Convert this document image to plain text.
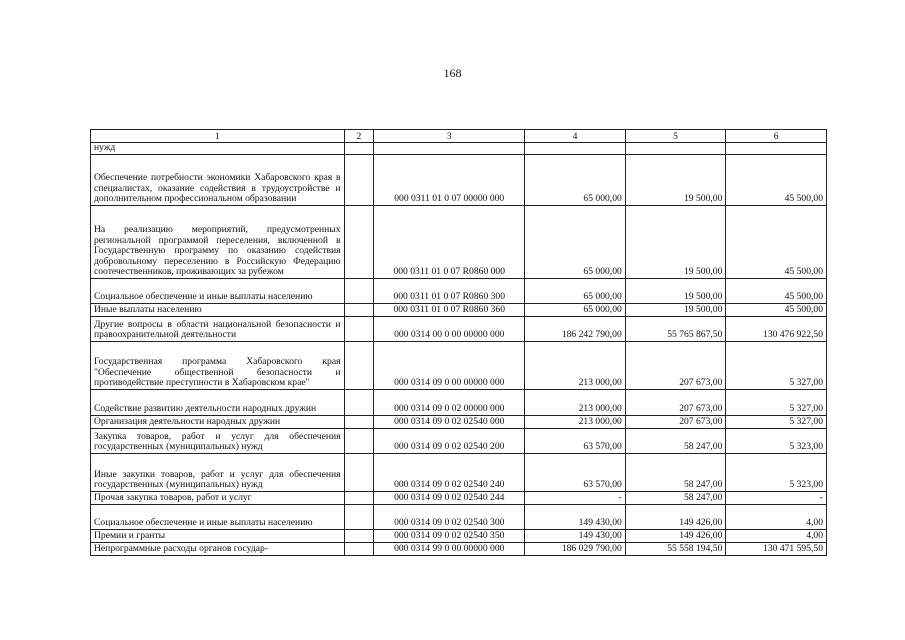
168
1	2	3	4	5	6
нужд					
Обеспечение потребности экономики Хабаровского края в специалистах, оказание содействия в трудоустройстве и дополнительном профессиональном образовании		000 0311 01 0 07 00000 000	65 000,00	19 500,00	45 500,00
На реализацию мероприятий, предусмотренных региональной программой переселения, включенной в Государственную программу по оказанию содействия добровольному переселению в Российскую Федерацию соотечественников, проживающих за рубежом		000 0311 01 0 07 R0860 000	65 000,00	19 500,00	45 500,00
Социальное обеспечение и иные выплаты населению		000 0311 01 0 07 R0860 300	65 000,00	19 500,00	45 500,00
Иные выплаты населению		000 0311 01 0 07 R0860 360	65 000,00	19 500,00	45 500,00
Другие вопросы в области национальной безопасности и правоохранительной деятельности		000 0314 00 0 00 00000 000	186 242 790,00	55 765 867,50	130 476 922,50
Государственная программа Хабаровского края "Обеспечение общественной безопасности и противодействие преступности в Хабаровском крае"		000 0314 09 0 00 00000 000	213 000,00	207 673,00	5 327,00
Содействие развитию деятельности народных дружин		000 0314 09 0 02 00000 000	213 000,00	207 673,00	5 327,00
Организация деятельности народных дружин		000 0314 09 0 02 02540 000	213 000,00	207 673,00	5 327,00
Закупка товаров, работ и услуг для обеспечения государственных (муниципальных) нужд		000 0314 09 0 02 02540 200	63 570,00	58 247,00	5 323,00
Иные закупки товаров, работ и услуг для обеспечения государственных (муниципальных) нужд		000 0314 09 0 02 02540 240	63 570,00	58 247,00	5 323,00
Прочая закупка товаров, работ и услуг		000 0314 09 0 02 02540 244	-	58 247,00	-
Социальное обеспечение и иные выплаты населению		000 0314 09 0 02 02540 300	149 430,00	149 426,00	4,00
Премии и гранты		000 0314 09 0 02 02540 350	149 430,00	149 426,00	4,00
Непрограммные расходы органов государ-		000 0314 99 0 00 00000 000	186 029 790,00	55 558 194,50	130 471 595,50
